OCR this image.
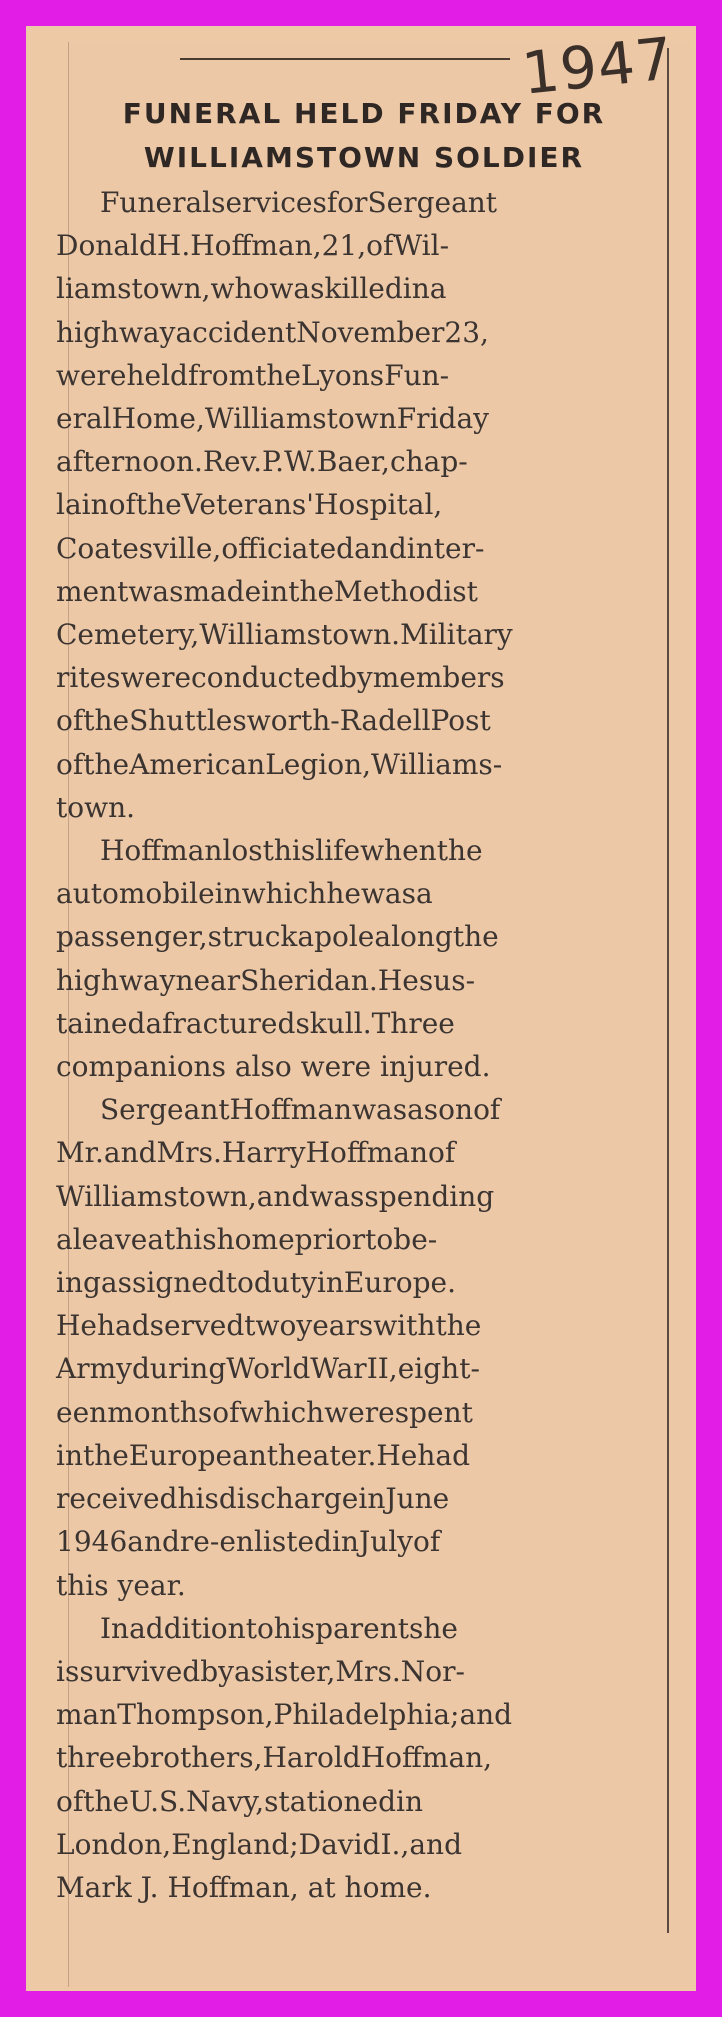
1947
FUNERAL HELD FRIDAY FOR
WILLIAMSTOWN SOLDIER
FuneralservicesforSergeant
DonaldH.Hoffman,21,ofWil-
liamstown,whowaskilledina
highwayaccidentNovember23,
wereheldfromtheLyonsFun-
eralHome,WilliamstownFriday
afternoon.Rev.P.W.Baer,chap-
lainoftheVeterans'Hospital,
Coatesville,officiatedandinter-
mentwasmadeintheMethodist
Cemetery,Williamstown.Military
riteswereconductedbymembers
oftheShuttlesworth-RadellPost
oftheAmericanLegion,Williams-
town.
Hoffmanlosthislifewhenthe
automobileinwhichhewasa
passenger,struckapolealongthe
highwaynearSheridan.Hesus-
tainedafracturedskull.Three
companions also were injured.
SergeantHoffmanwasasonof
Mr.andMrs.HarryHoffmanof
Williamstown,andwasspending
aleaveathishomepriortobe-
ingassignedtodutyinEurope.
Hehadservedtwoyearswiththe
ArmyduringWorldWarII,eight-
eenmonthsofwhichwerespent
intheEuropeantheater.Hehad
receivedhisdischargeinJune
1946andre-enlistedinJulyof
this year.
Inadditiontohisparentshe
issurvivedbyasister,Mrs.Nor-
manThompson,Philadelphia;and
threebrothers,HaroldHoffman,
oftheU.S.Navy,stationedin
London,England;DavidI.,and
Mark J. Hoffman, at home.
